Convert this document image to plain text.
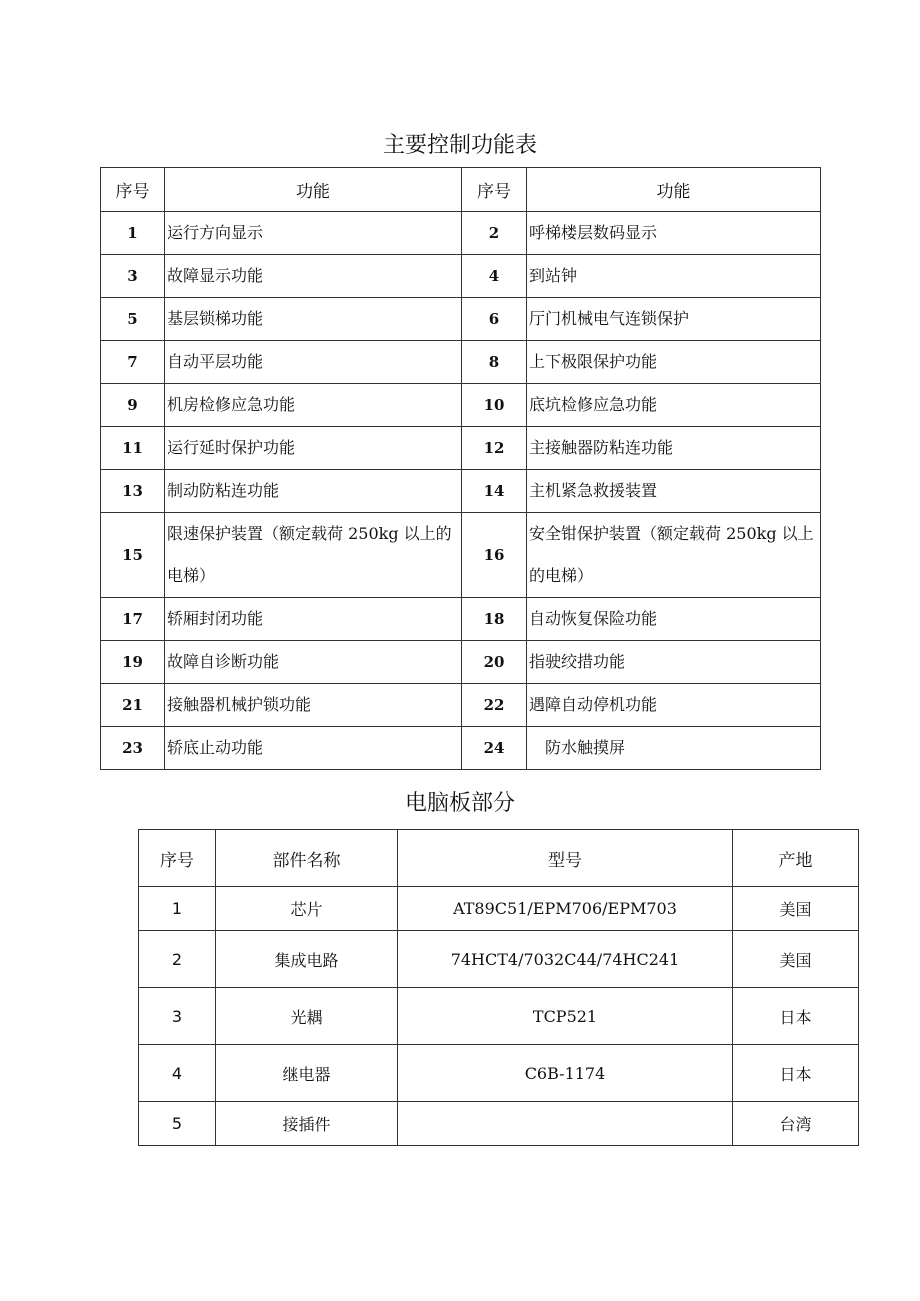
主要控制功能表
序号	功能	序号	功能
1	运行方向显示	2	呼梯楼层数码显示
3	故障显示功能	4	到站钟
5	基层锁梯功能	6	厅门机械电气连锁保护
7	自动平层功能	8	上下极限保护功能
9	机房检修应急功能	10	底坑检修应急功能
11	运行延时保护功能	12	主接触器防粘连功能
13	制动防粘连功能	14	主机紧急救援装置
15	限速保护装置（额定载荷 250kg 以上的电梯）	16	安全钳保护装置（额定载荷 250kg 以上的电梯）
17	轿厢封闭功能	18	自动恢复保险功能
19	故障自诊断功能	20	指驶绞措功能
21	接触器机械护锁功能	22	遇障自动停机功能
23	轿底止动功能	24	防水触摸屏
电脑板部分
序号	部件名称	型号	产地
1	芯片	AT89C51/EPM706/EPM703	美国
2	集成电路	74HCT4/7032C44/74HC241	美国
3	光耦	TCP521	日本
4	继电器	C6B-1174	日本
5	接插件		台湾
